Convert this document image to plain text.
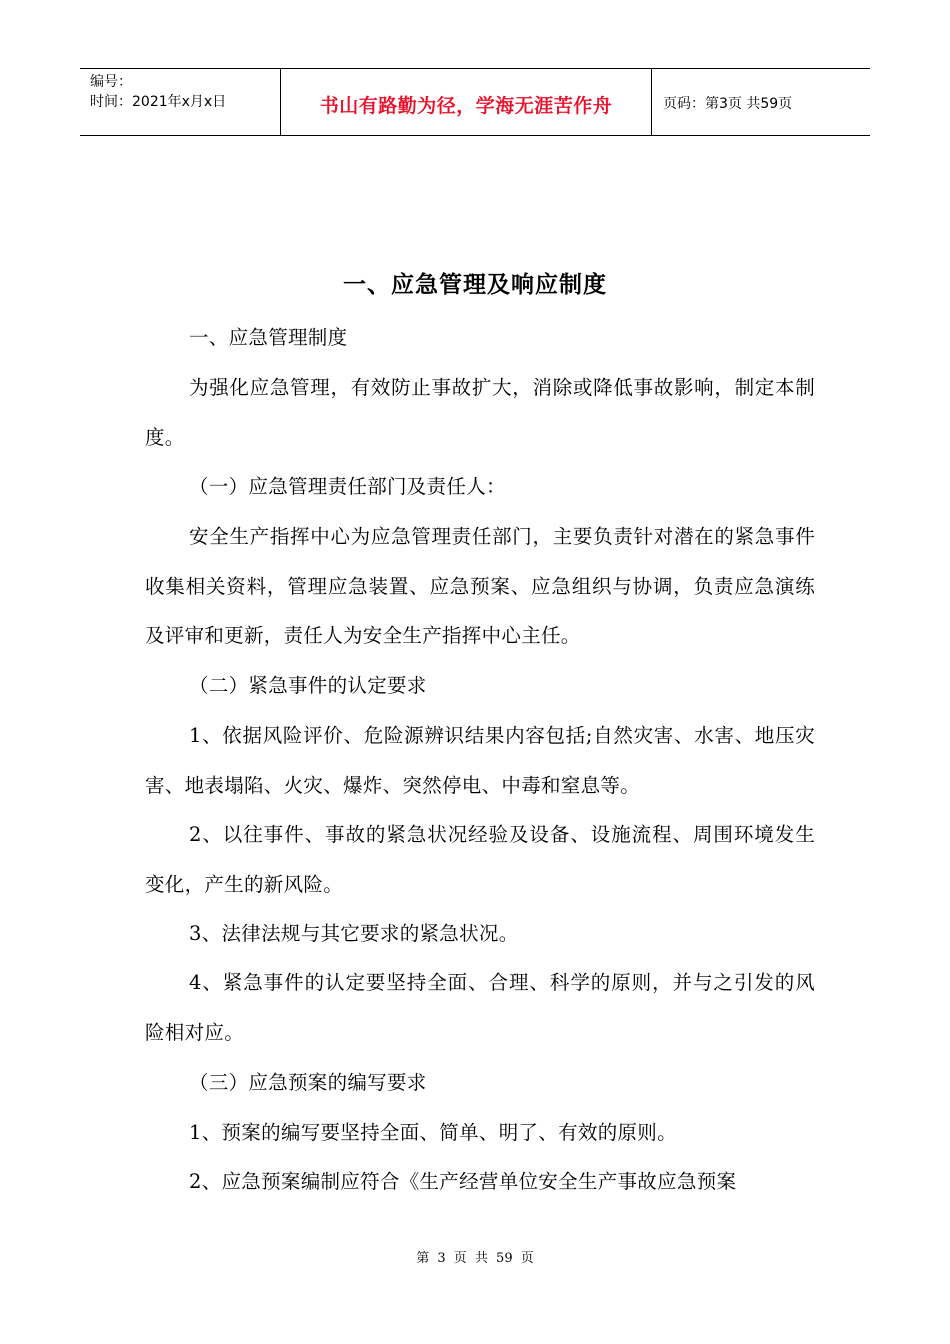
编号：
时间：2021年x月x日	书山有路勤为径，学海无涯苦作舟	页码：第3页 共59页
一、应急管理及响应制度

一、应急管理制度

为强化应急管理，有效防止事故扩大，消除或降低事故影响，制定本制度。

（一）应急管理责任部门及责任人：

安全生产指挥中心为应急管理责任部门，主要负责针对潜在的紧急事件收集相关资料，管理应急装置、应急预案、应急组织与协调，负责应急演练及评审和更新，责任人为安全生产指挥中心主任。

（二）紧急事件的认定要求

1、依据风险评价、危险源辨识结果内容包括;自然灾害、水害、地压灾害、地表塌陷、火灾、爆炸、突然停电、中毒和窒息等。

2、以往事件、事故的紧急状况经验及设备、设施流程、周围环境发生变化，产生的新风险。

3、法律法规与其它要求的紧急状况。

4、紧急事件的认定要坚持全面、合理、科学的原则，并与之引发的风险相对应。

（三）应急预案的编写要求

1、预案的编写要坚持全面、简单、明了、有效的原则。

2、应急预案编制应符合《生产经营单位安全生产事故应急预案

第 3 页 共 59 页
